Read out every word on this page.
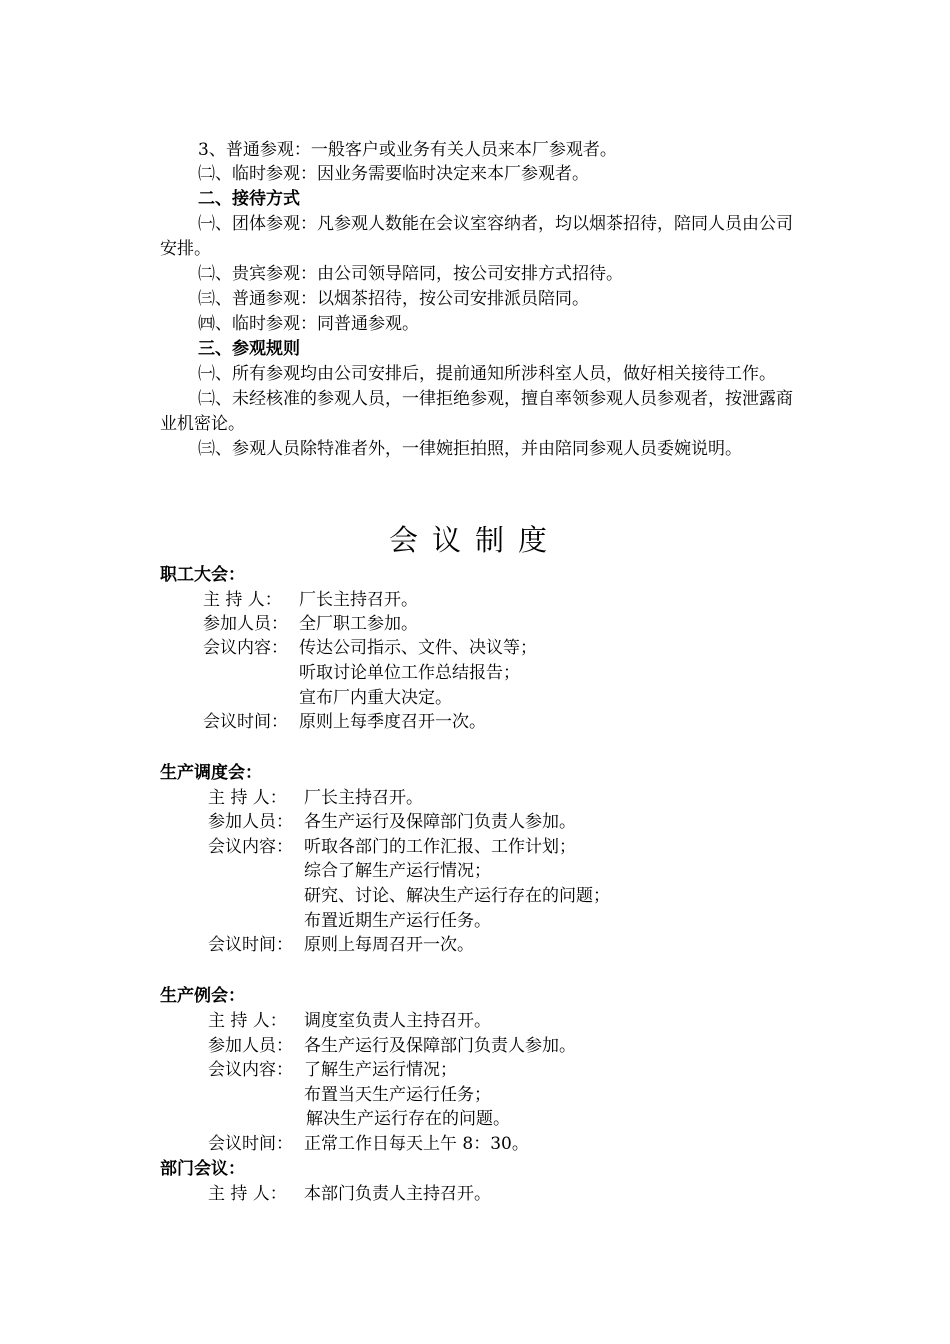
3、普通参观：一般客户或业务有关人员来本厂参观者。
㈡、临时参观：因业务需要临时决定来本厂参观者。
二、接待方式
㈠、团体参观：凡参观人数能在会议室容纳者，均以烟茶招待，陪同人员由公司
安排。
㈡、贵宾参观：由公司领导陪同，按公司安排方式招待。
㈢、普通参观：以烟茶招待，按公司安排派员陪同。
㈣、临时参观：同普通参观。
三、参观规则
㈠、所有参观均由公司安排后，提前通知所涉科室人员，做好相关接待工作。
㈡、未经核准的参观人员，一律拒绝参观，擅自率领参观人员参观者，按泄露商
业机密论。
㈢、参观人员除特准者外，一律婉拒拍照，并由陪同参观人员委婉说明。
会议制度
职工大会：
主 持 人： 厂长主持召开。
参加人员： 全厂职工参加。
会议内容： 传达公司指示、文件、决议等；
听取讨论单位工作总结报告；
宣布厂内重大决定。
会议时间： 原则上每季度召开一次。
生产调度会：
主 持 人： 厂长主持召开。
参加人员： 各生产运行及保障部门负责人参加。
会议内容： 听取各部门的工作汇报、工作计划；
综合了解生产运行情况；
研究、讨论、解决生产运行存在的问题；
布置近期生产运行任务。
会议时间： 原则上每周召开一次。
生产例会：
主 持 人： 调度室负责人主持召开。
参加人员： 各生产运行及保障部门负责人参加。
会议内容： 了解生产运行情况；
布置当天生产运行任务；
解决生产运行存在的问题。
会议时间： 正常工作日每天上午 8：30。
部门会议：
主 持 人： 本部门负责人主持召开。
